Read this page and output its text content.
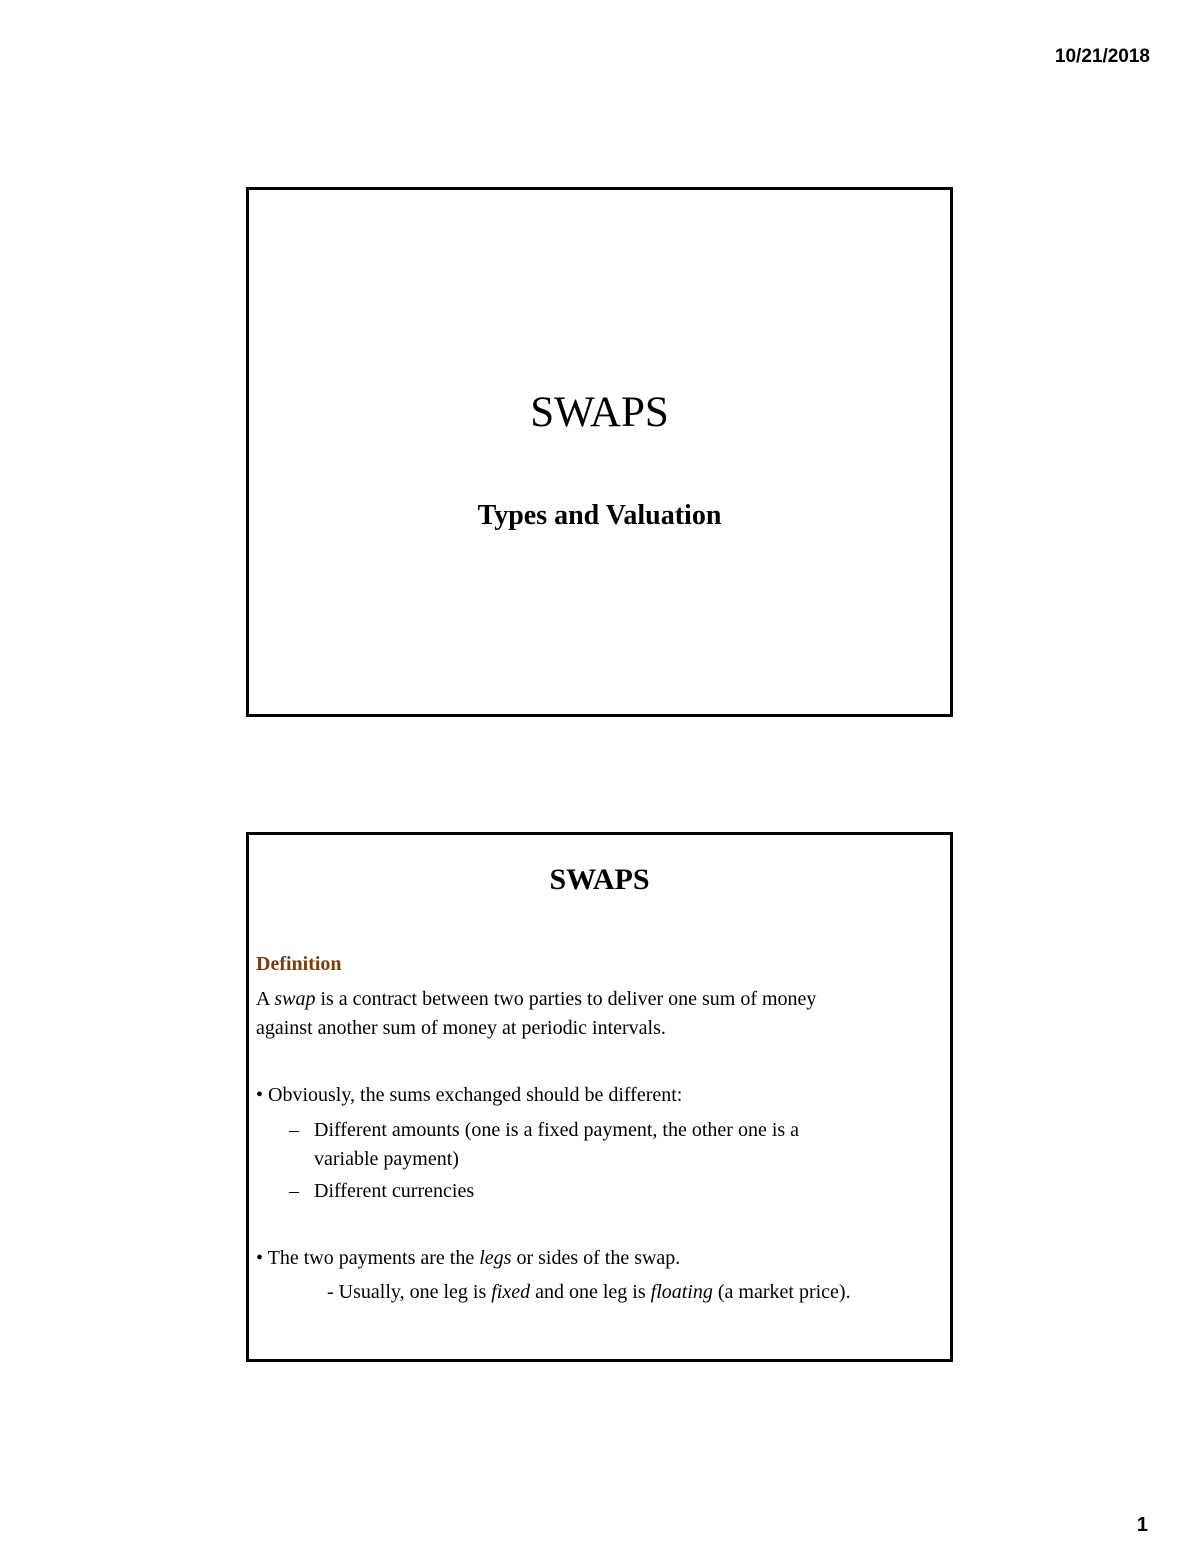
10/21/2018
SWAPS
Types and Valuation
SWAPS
Definition
A swap is a contract between two parties to deliver one sum of money
against another sum of money at periodic intervals.
• Obviously, the sums exchanged should be different:
– Different amounts (one is a fixed payment, the other one is a
variable payment)
– Different currencies
• The two payments are the legs or sides of the swap.
- Usually, one leg is fixed and one leg is floating (a market price).
1
